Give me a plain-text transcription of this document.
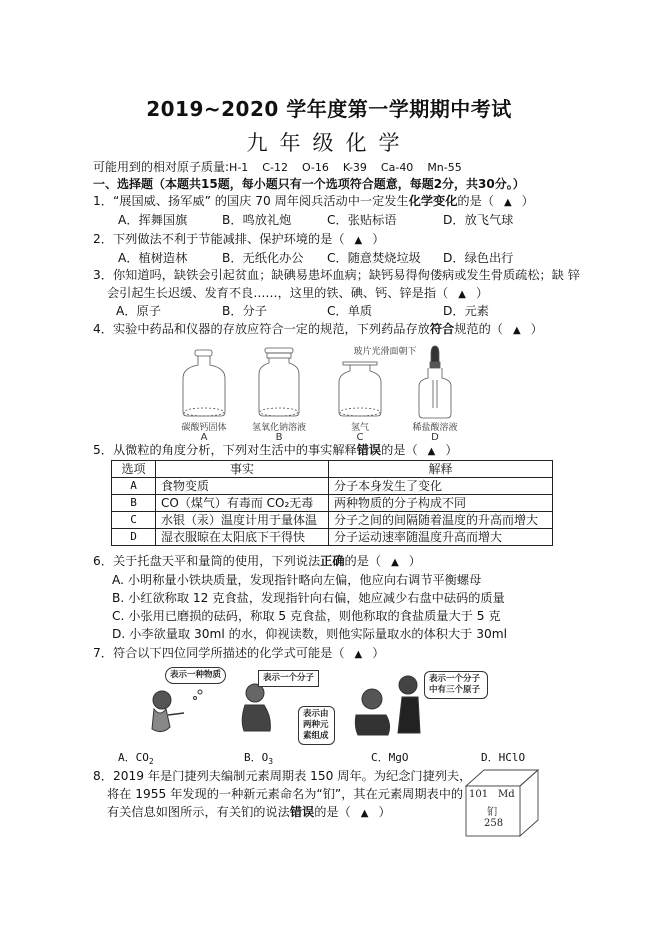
2019~2020 学年度第一学期期中考试
九年级化学
可能用到的相对原子质量:H-1 C-12 O-16 K-39 Ca-40 Mn-55
一、选择题（本题共15题，每小题只有一个选项符合题意，每题2分，共30分。）
1．“展国威、扬军威” 的国庆 70 周年阅兵活动中一定发生化学变化的是（ ▲ ）
A．挥舞国旗	B．鸣放礼炮	C．张贴标语	D．放飞气球
2．下列做法不利于节能减排、保护环境的是（ ▲ ）
A．植树造林	B．无纸化办公 C．随意焚烧垃圾 D．绿色出行
3．你知道吗，缺铁会引起贫血；缺碘易患坏血病；缺钙易得佝偻病或发生骨质疏松；缺 锌
会引起生长迟缓、发育不良……，这里的铁、碘、钙、锌是指（ ▲ ）
A．原子	B．分子	C．单质	D．元素
4．实验中药品和仪器的存放应符合一定的规范，下列药品存放符合规范的（ ▲ ）
玻片光滑面朝下
碳酸钙固体
A
氢氧化钠溶液
B
氢气
C
稀盐酸溶液
D
5．从微粒的角度分析，下列对生活中的事实解释错误的是（ ▲ ）
选项	事实	解释
A	食物变质	分子本身发生了变化
B	CO（煤气）有毒而 CO₂无毒	两种物质的分子构成不同
C	水银（汞）温度计用于量体温	分子之间的间隔随着温度的升高而增大
D	湿衣服晾在太阳底下干得快	分子运动速率随温度升高而增大
6．关于托盘天平和量筒的使用，下列说法正确的是（ ▲ ）
A. 小明称量小铁块质量，发现指针略向左偏，他应向右调节平衡螺母
B. 小红欲称取 12 克食盐，发现指针向右偏，她应减少右盘中砝码的质量
C. 小张用已磨损的砝码，称取 5 克食盐，则他称取的食盐质量大于 5 克
D. 小李欲量取 30ml 的水，仰视读数，则他实际量取水的体积大于 30ml
7．符合以下四位同学所描述的化学式可能是（ ▲ ）
表示一种物质	表示一个分子
表示由两种元素组成
表示一个分子中有三个原子
A．$CO_2$	B．$O_3$	C．MgO	D．HClO
8．2019 年是门捷列夫编制元素周期表 150 周年。为纪念门捷列夫，
将在 1955 年发现的一种新元素命名为“钔”，其在元素周期表中的
有关信息如图所示，有关钔的说法错误的是（ ▲ ）
101 Md
钔
258
